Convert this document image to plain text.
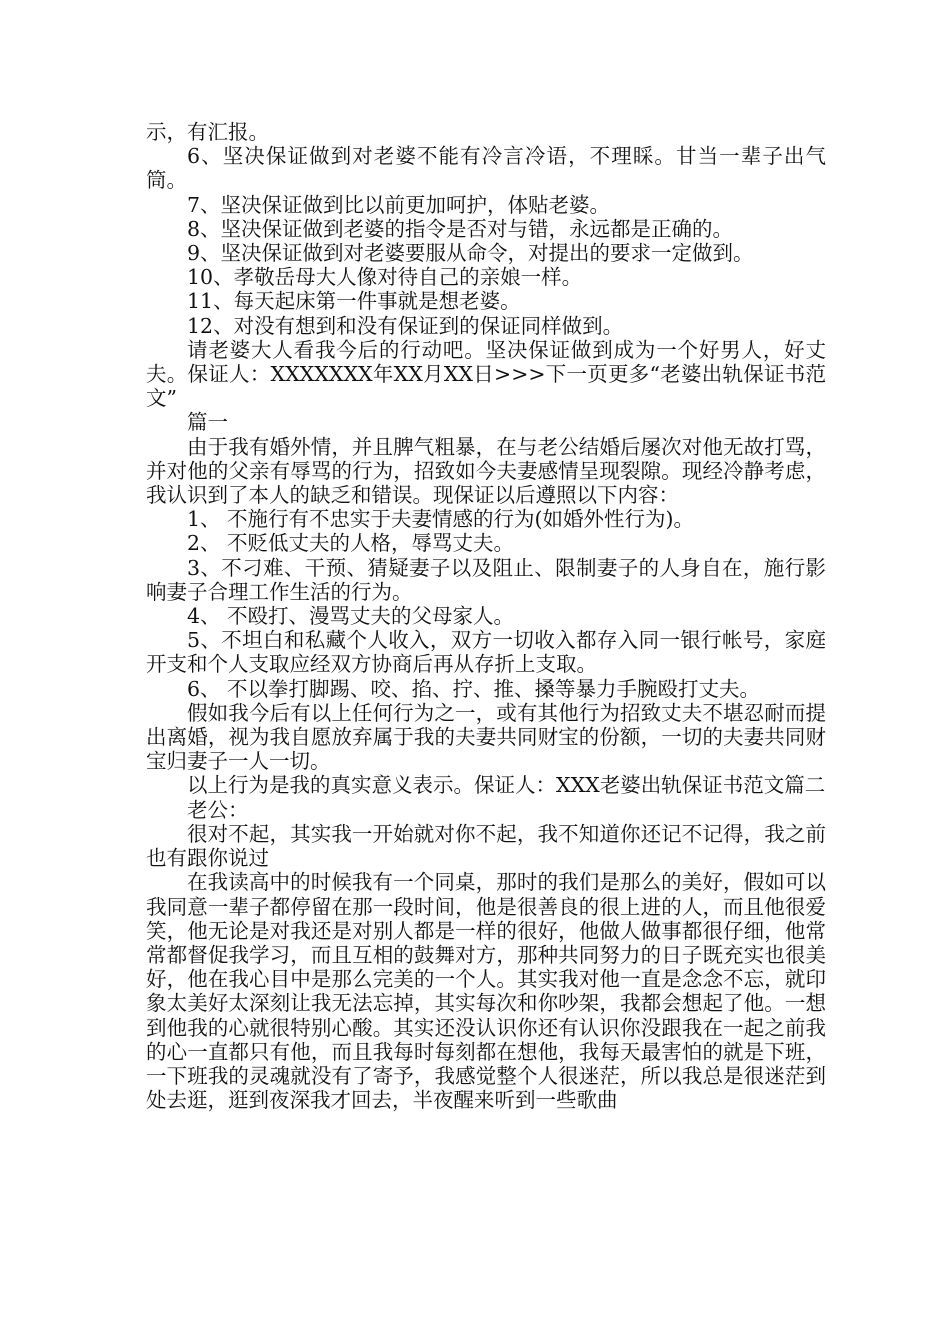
示，有汇报。

6、坚决保证做到对老婆不能有冷言冷语，不理睬。甘当一辈子出气筒。

7、坚决保证做到比以前更加呵护，体贴老婆。

8、坚决保证做到老婆的指令是否对与错，永远都是正确的。

9、坚决保证做到对老婆要服从命令，对提出的要求一定做到。

10、孝敬岳母大人像对待自己的亲娘一样。

11、每天起床第一件事就是想老婆。

12、对没有想到和没有保证到的保证同样做到。

请老婆大人看我今后的行动吧。坚决保证做到成为一个好男人，好丈夫。保证人：XXXXXXX年XX月XX日>>>下一页更多“老婆出轨保证书范文”

篇一

由于我有婚外情，并且脾气粗暴，在与老公结婚后屡次对他无故打骂，并对他的父亲有辱骂的行为，招致如今夫妻感情呈现裂隙。现经冷静考虑，我认识到了本人的缺乏和错误。现保证以后遵照以下内容：

1、 不施行有不忠实于夫妻情感的行为(如婚外性行为)。

2、 不贬低丈夫的人格，辱骂丈夫。

3、不刁难、干预、猜疑妻子以及阻止、限制妻子的人身自在，施行影响妻子合理工作生活的行为。

4、 不殴打、漫骂丈夫的父母家人。

5、不坦白和私藏个人收入，双方一切收入都存入同一银行帐号，家庭开支和个人支取应经双方协商后再从存折上支取。

6、 不以拳打脚踢、咬、掐、拧、推、搡等暴力手腕殴打丈夫。

假如我今后有以上任何行为之一，或有其他行为招致丈夫不堪忍耐而提出离婚，视为我自愿放弃属于我的夫妻共同财宝的份额，一切的夫妻共同财宝归妻子一人一切。

以上行为是我的真实意义表示。保证人：XXX老婆出轨保证书范文篇二

老公：

很对不起，其实我一开始就对你不起，我不知道你还记不记得，我之前也有跟你说过

在我读高中的时候我有一个同桌，那时的我们是那么的美好，假如可以我同意一辈子都停留在那一段时间，他是很善良的很上进的人，而且他很爱笑，他无论是对我还是对别人都是一样的很好，他做人做事都很仔细，他常常都督促我学习，而且互相的鼓舞对方，那种共同努力的日子既充实也很美好，他在我心目中是那么完美的一个人。其实我对他一直是念念不忘，就印象太美好太深刻让我无法忘掉，其实每次和你吵架，我都会想起了他。一想到他我的心就很特别心酸。其实还没认识你还有认识你没跟我在一起之前我的心一直都只有他，而且我每时每刻都在想他，我每天最害怕的就是下班，一下班我的灵魂就没有了寄予，我感觉整个人很迷茫，所以我总是很迷茫到处去逛，逛到夜深我才回去，半夜醒来听到一些歌曲
